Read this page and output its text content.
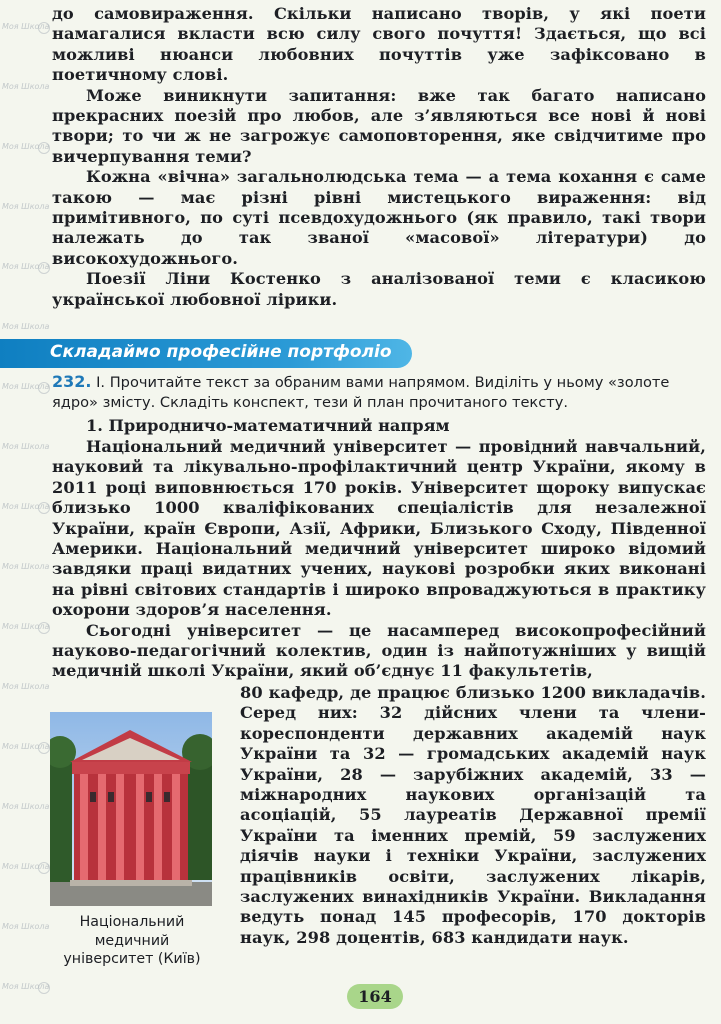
до самовираження. Скільки написано творів, у які поети намагалися вкласти всю силу свого почуття! Здається, що всі можливі нюанси любовних почуттів уже зафіксовано в поетичному слові.

Може виникнути запитання: вже так багато написано прекрасних поезій про любов, але з’являються все нові й нові твори; то чи ж не загрожує самоповторення, яке свідчитиме про вичерпування теми?

Кожна «вічна» загальнолюдська тема — а тема кохання є саме такою — має різні рівні мистецького вираження: від примітивного, по суті псевдохудожнього (як правило, такі твори належать до так званої «масової» літератури) до високохудожнього.

Поезії Ліни Костенко з аналізованої теми є класикою української любовної лірики.

Складаймо професійне портфоліо

232. І. Прочитайте текст за обраним вами напрямом. Виділіть у ньому «золоте ядро» змісту. Складіть конспект, тези й план прочитаного тексту.

1. Природничо-математичний напрям

Національний медичний університет — провідний навчальний, науковий та лікувально-профілактичний центр України, якому в 2011 році виповнюється 170 років. Університет щороку випускає близько 1000 кваліфікованих спеціалістів для незалежної України, країн Європи, Азії, Африки, Близького Сходу, Південної Америки. Національний медичний університет широко відомий завдяки праці видатних учених, наукові розробки яких виконані на рівні світових стандартів і широко впроваджуються в практику охорони здоров’я населення.

Сьогодні університет — це насамперед високопрофесійний науково-педагогічний колектив, один із найпотужніших у вищій медичній школі України, який об’єднує 11 факультетів,

80 кафедр, де працює близько 1200 викладачів. Серед них: 32 дійсних члени та члени-кореспонденти державних академій наук України та 32 — громадських академій наук України, 28 — зарубіжних академій, 33 — міжнародних наукових організацій та асоціацій, 55 лауреатів Державної премії України та іменних премій, 59 заслужених діячів науки і техніки України, заслужених працівників освіти, заслужених лікарів, заслужених винахідників України. Викладання ведуть понад 145 професорів, 170 докторів наук, 298 доцентів, 683 кандидати наук.

Національний

медичний

університет (Київ)

164
Моя Школа
Моя Школа
Моя Школа
Моя Школа
Моя Школа
Моя Школа
Моя Школа
Моя Школа
Моя Школа
Моя Школа
Моя Школа
Моя Школа
Моя Школа
Моя Школа
Моя Школа
Моя Школа
Моя Школа
